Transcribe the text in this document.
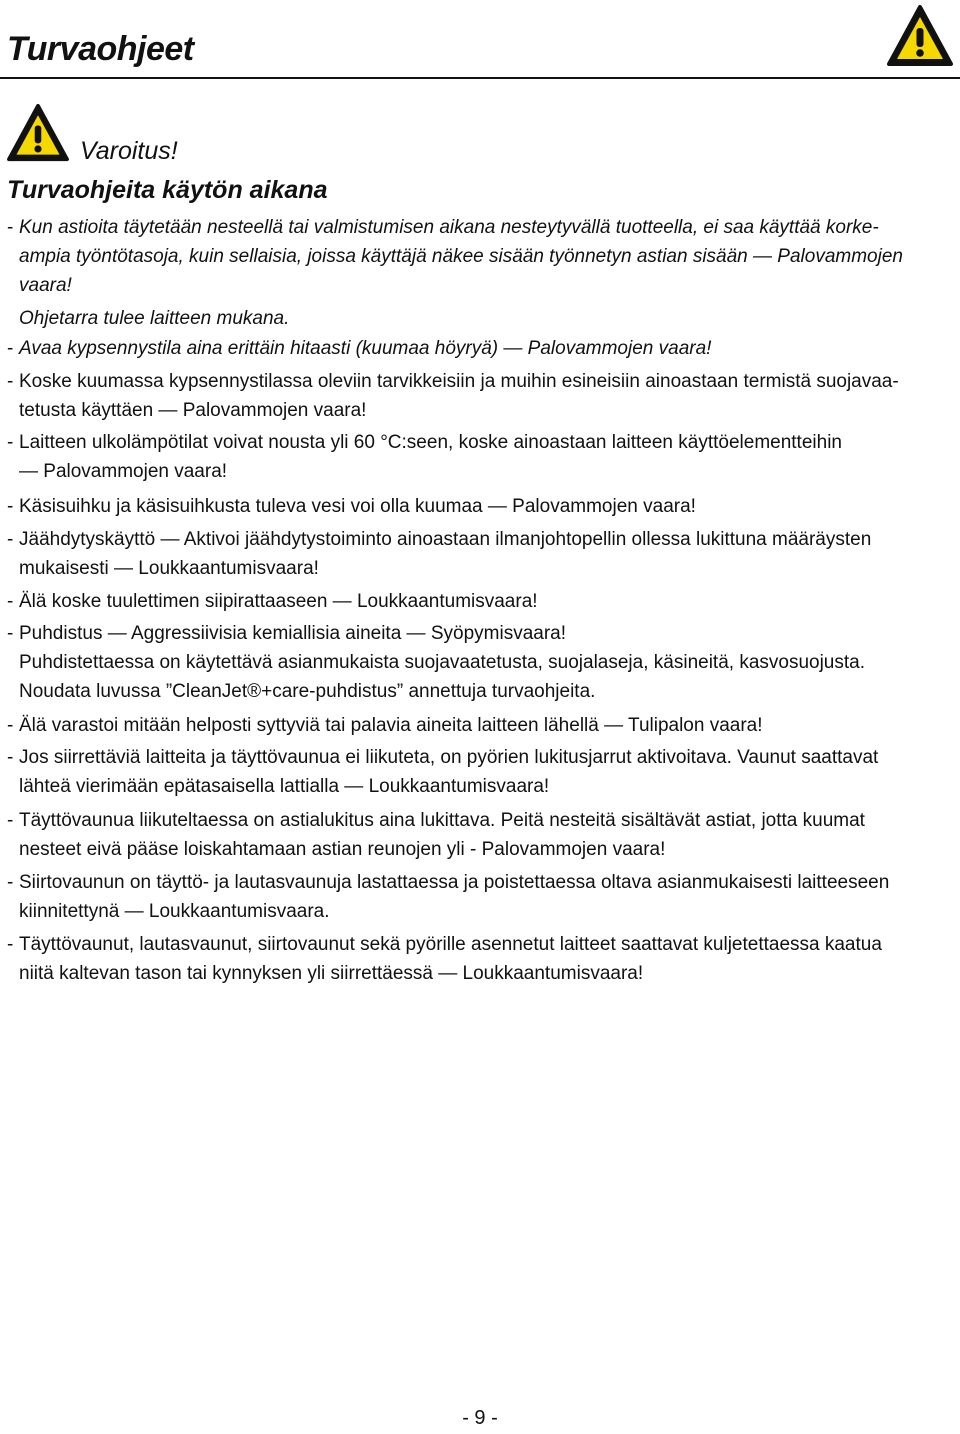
Turvaohjeet
Varoitus!
Turvaohjeita käytön aikana
- Kun astioita täytetään nesteellä tai valmistumisen aikana nesteytyvällä tuotteella, ei saa käyttää korke-
ampia työntötasoja, kuin sellaisia, joissa käyttäjä näkee sisään työnnetyn astian sisään — Palovammojen
vaara!
Ohjetarra tulee laitteen mukana.
- Avaa kypsennystila aina erittäin hitaasti (kuumaa höyryä) — Palovammojen vaara!
- Koske kuumassa kypsennystilassa oleviin tarvikkeisiin ja muihin esineisiin ainoastaan termistä suojavaa-
tetusta käyttäen — Palovammojen vaara!
- Laitteen ulkolämpötilat voivat nousta yli 60 °C:seen, koske ainoastaan laitteen käyttöelementteihin
— Palovammojen vaara!
- Käsisuihku ja käsisuihkusta tuleva vesi voi olla kuumaa — Palovammojen vaara!
- Jäähdytyskäyttö — Aktivoi jäähdytystoiminto ainoastaan ilmanjohtopellin ollessa lukittuna määräysten
mukaisesti — Loukkaantumisvaara!
- Älä koske tuulettimen siipirattaaseen — Loukkaantumisvaara!
- Puhdistus — Aggressiivisia kemiallisia aineita — Syöpymisvaara!
Puhdistettaessa on käytettävä asianmukaista suojavaatetusta, suojalaseja, käsineitä, kasvosuojusta.
Noudata luvussa ”CleanJet®+care-puhdistus” annettuja turvaohjeita.
- Älä varastoi mitään helposti syttyviä tai palavia aineita laitteen lähellä — Tulipalon vaara!
- Jos siirrettäviä laitteita ja täyttövaunua ei liikuteta, on pyörien lukitusjarrut aktivoitava. Vaunut saattavat
lähteä vierimään epätasaisella lattialla — Loukkaantumisvaara!
- Täyttövaunua liikuteltaessa on astialukitus aina lukittava. Peitä nesteitä sisältävät astiat, jotta kuumat
nesteet eivä pääse loiskahtamaan astian reunojen yli - Palovammojen vaara!
- Siirtovaunun on täyttö- ja lautasvaunuja lastattaessa ja poistettaessa oltava asianmukaisesti laitteeseen
kiinnitettynä — Loukkaantumisvaara.
- Täyttövaunut, lautasvaunut, siirtovaunut sekä pyörille asennetut laitteet saattavat kuljetettaessa kaatua
niitä kaltevan tason tai kynnyksen yli siirrettäessä — Loukkaantumisvaara!
- 9 -
